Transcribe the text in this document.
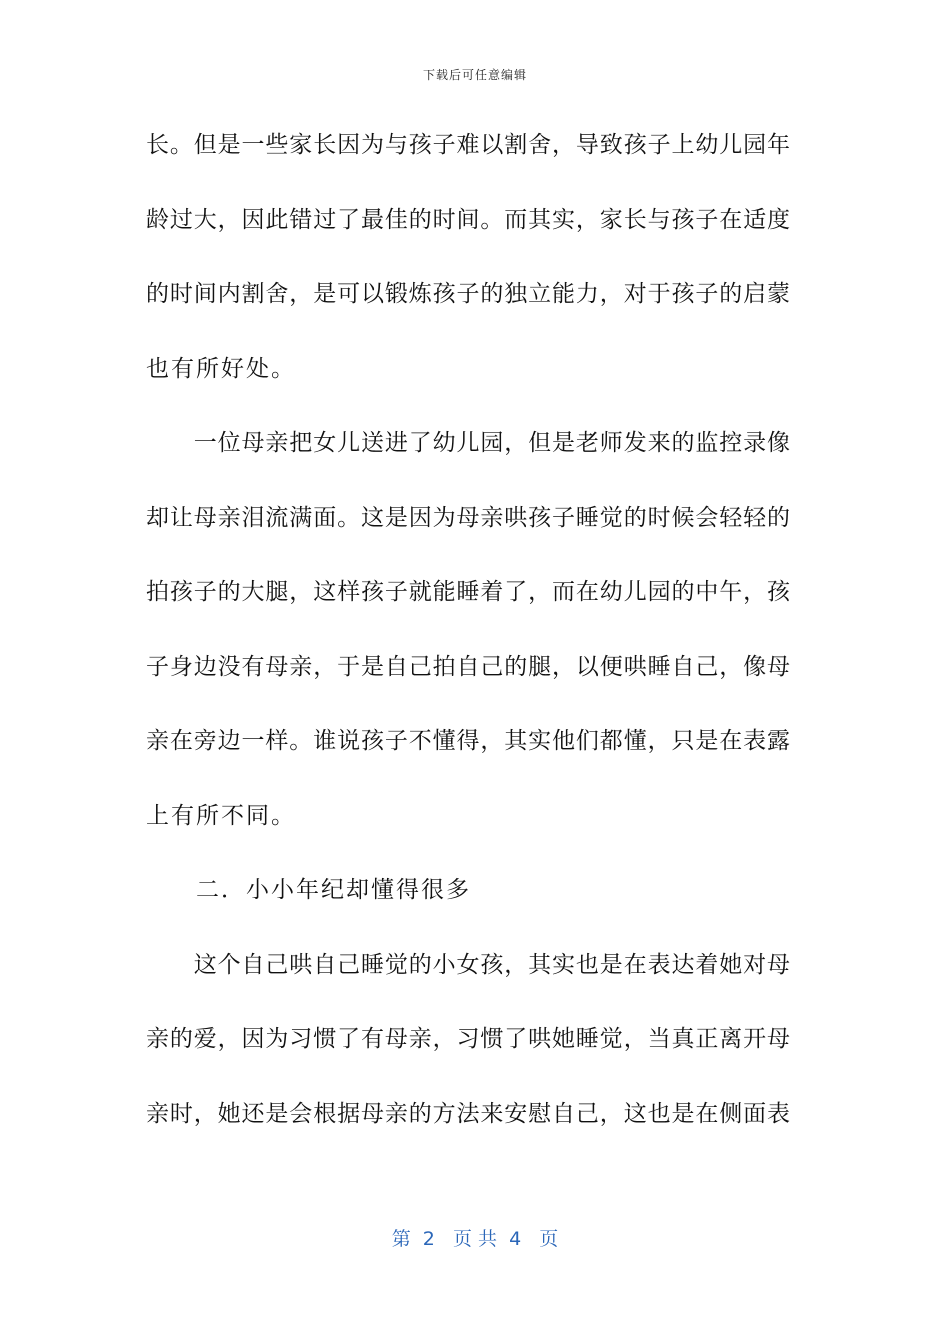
下载后可任意编辑
长。但是一些家长因为与孩子难以割舍，导致孩子上幼儿园年
龄过大，因此错过了最佳的时间。而其实，家长与孩子在适度
的时间内割舍，是可以锻炼孩子的独立能力，对于孩子的启蒙
也有所好处。
　　一位母亲把女儿送进了幼儿园，但是老师发来的监控录像
却让母亲泪流满面。这是因为母亲哄孩子睡觉的时候会轻轻的
拍孩子的大腿，这样孩子就能睡着了，而在幼儿园的中午，孩
子身边没有母亲，于是自己拍自己的腿，以便哄睡自己，像母
亲在旁边一样。谁说孩子不懂得，其实他们都懂，只是在表露
上有所不同。
　　二．小小年纪却懂得很多
　　这个自己哄自己睡觉的小女孩，其实也是在表达着她对母
亲的爱，因为习惯了有母亲，习惯了哄她睡觉，当真正离开母
亲时，她还是会根据母亲的方法来安慰自己，这也是在侧面表
第  2   页 共  4   页
